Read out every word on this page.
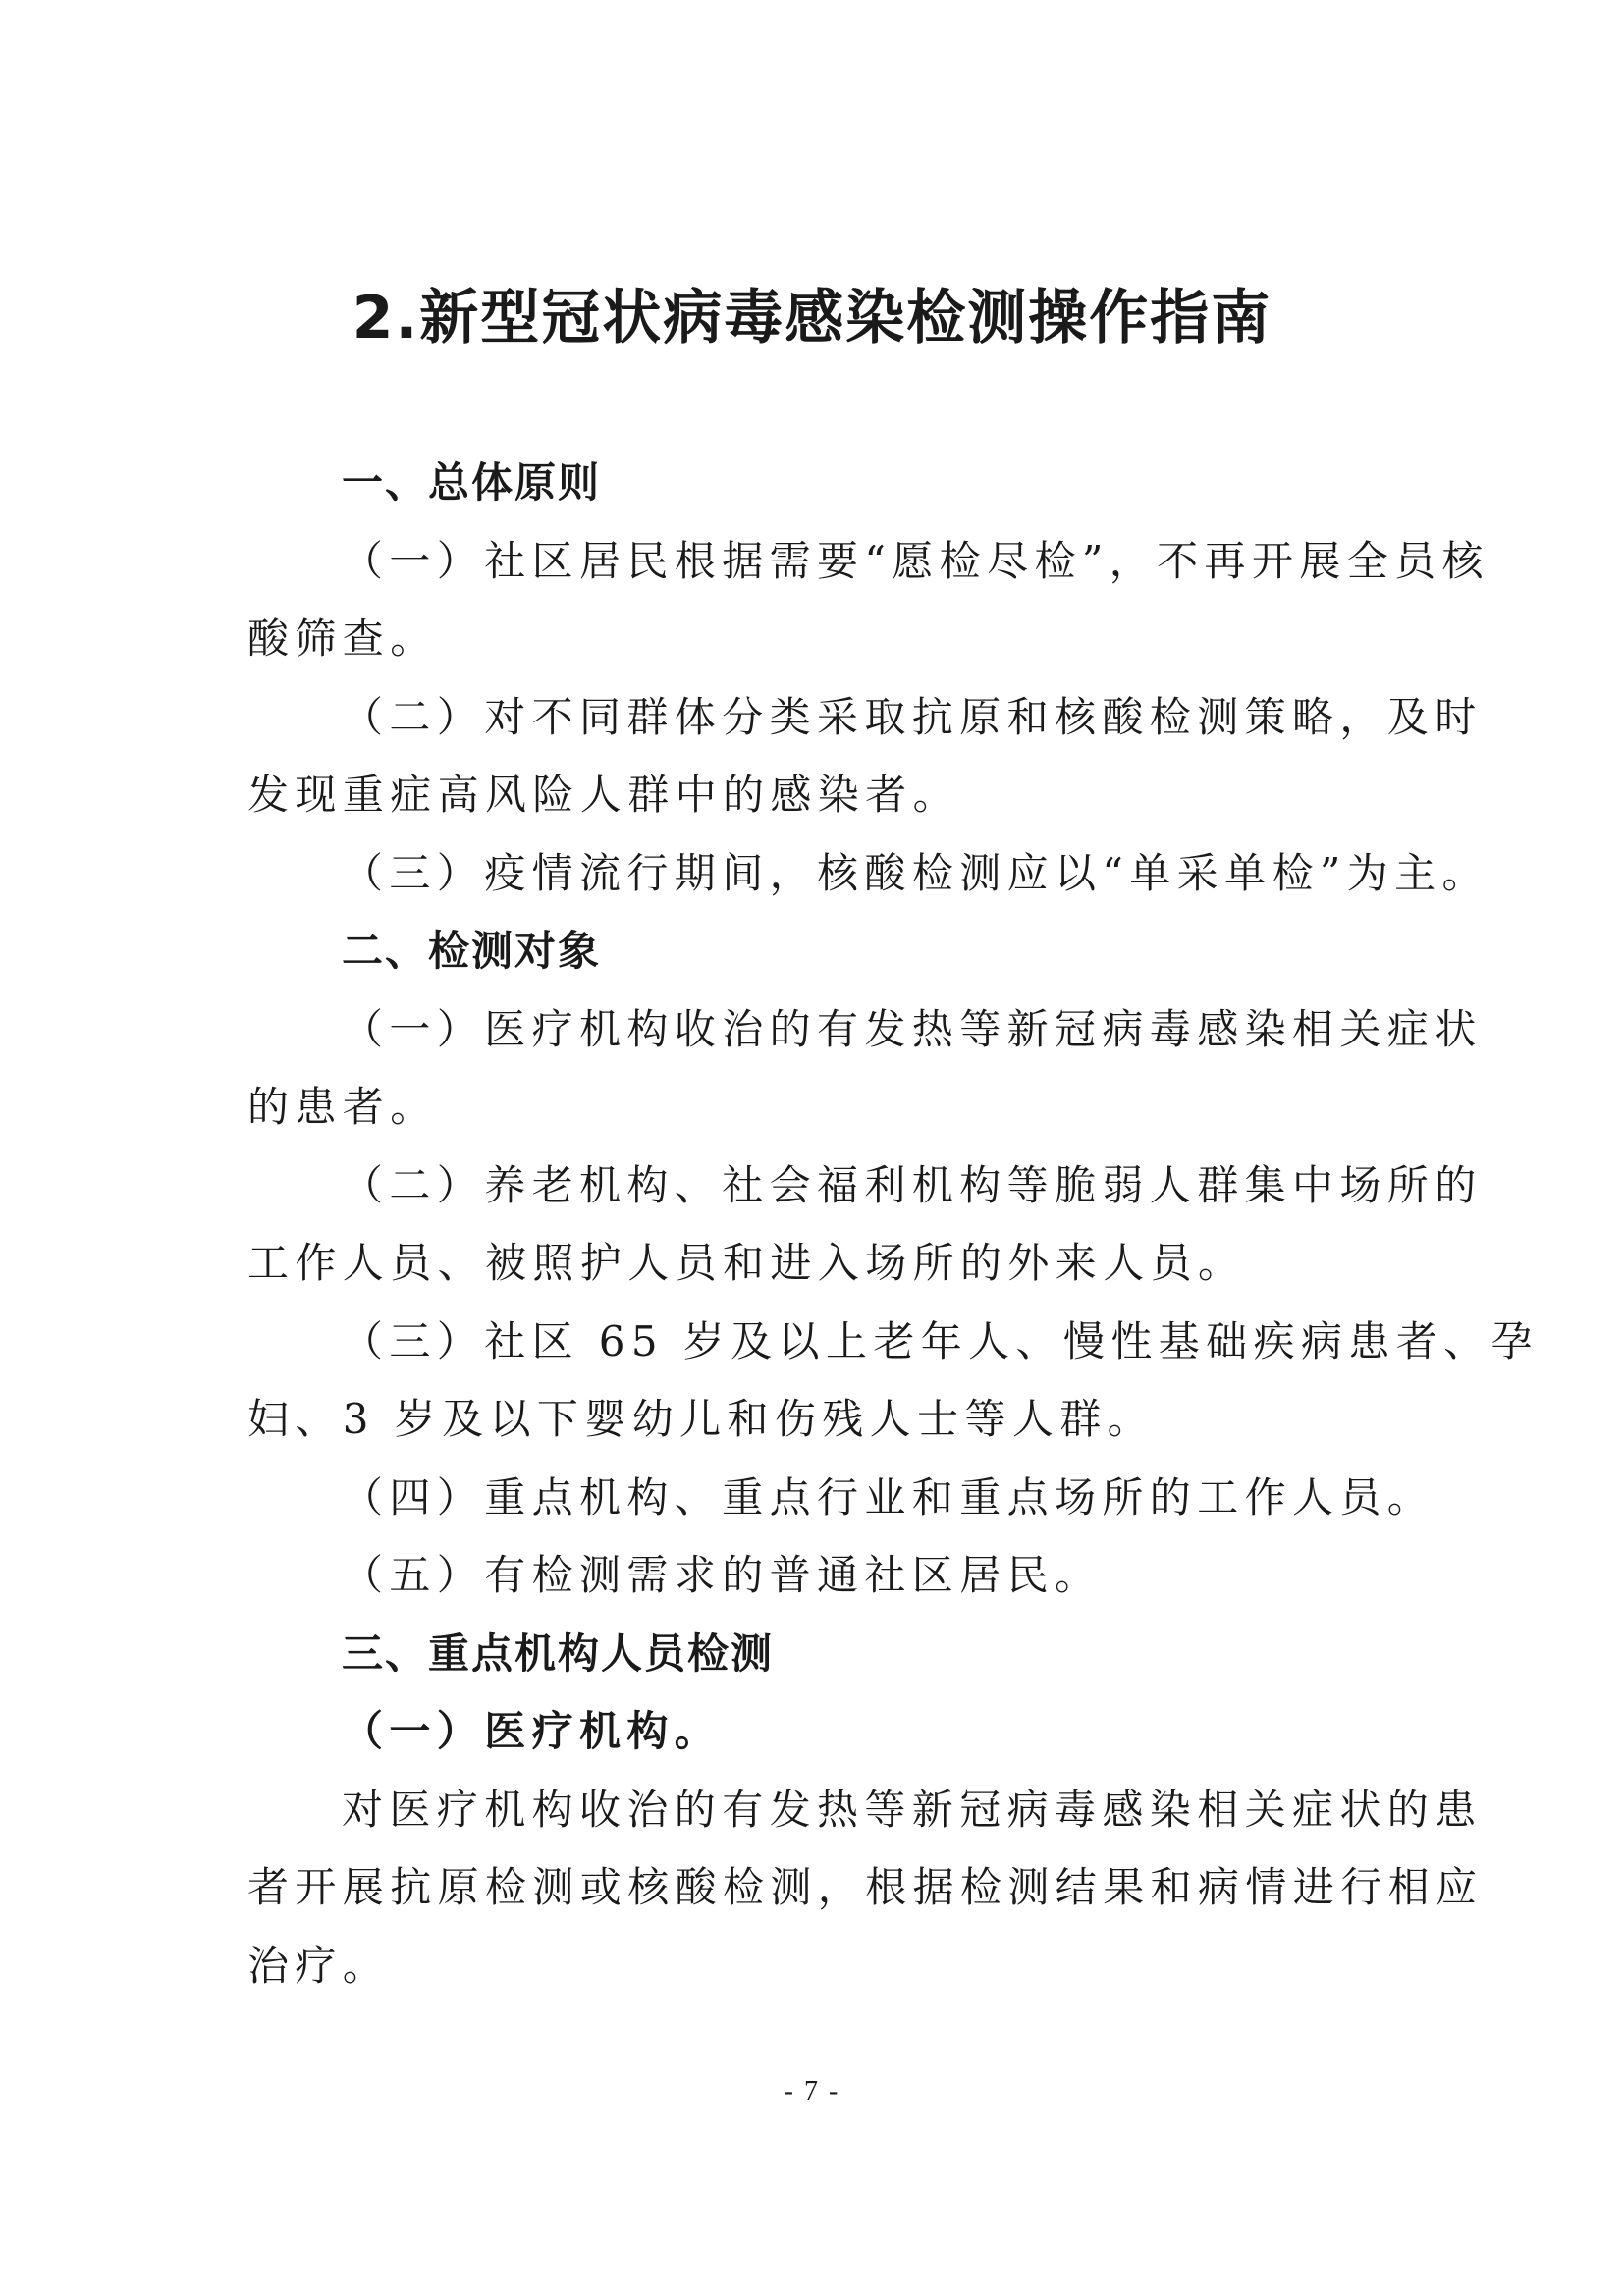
2.新型冠状病毒感染检测操作指南

一、总体原则

（一）社区居民根据需要“愿检尽检”，不再开展全员核

酸筛查。

（二）对不同群体分类采取抗原和核酸检测策略，及时

发现重症高风险人群中的感染者。

（三）疫情流行期间，核酸检测应以“单采单检”为主。

二、检测对象

（一）医疗机构收治的有发热等新冠病毒感染相关症状

的患者。

（二）养老机构、社会福利机构等脆弱人群集中场所的

工作人员、被照护人员和进入场所的外来人员。

（三）社区 65 岁及以上老年人、慢性基础疾病患者、孕

妇、3 岁及以下婴幼儿和伤残人士等人群。

（四）重点机构、重点行业和重点场所的工作人员。

（五）有检测需求的普通社区居民。

三、重点机构人员检测

（一）医疗机构。

对医疗机构收治的有发热等新冠病毒感染相关症状的患

者开展抗原检测或核酸检测，根据检测结果和病情进行相应

治疗。

- 7 -
